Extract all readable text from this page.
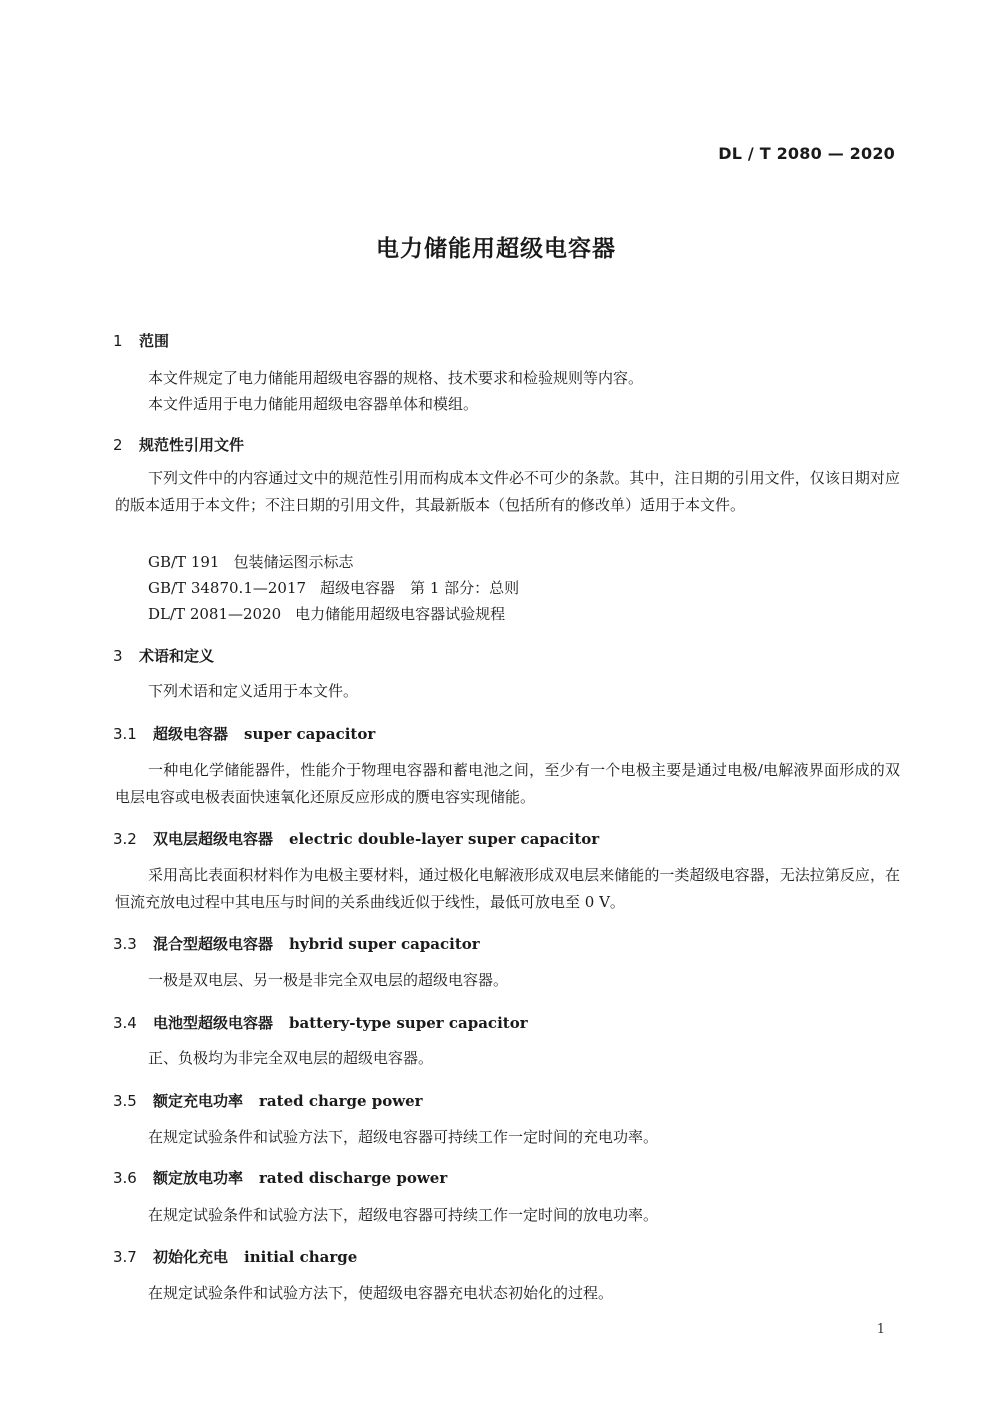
DL / T 2080 — 2020
电力储能用超级电容器
1 范围
本文件规定了电力储能用超级电容器的规格、技术要求和检验规则等内容。
本文件适用于电力储能用超级电容器单体和模组。
2 规范性引用文件
下列文件中的内容通过文中的规范性引用而构成本文件必不可少的条款。其中，注日期的引用文件，仅该日期对应的版本适用于本文件；不注日期的引用文件，其最新版本（包括所有的修改单）适用于本文件。
GB/T 191 包装储运图示标志
GB/T 34870.1—2017 超级电容器　第 1 部分：总则
DL/T 2081—2020 电力储能用超级电容器试验规程
3 术语和定义
下列术语和定义适用于本文件。
3.1 超级电容器 super capacitor
一种电化学储能器件，性能介于物理电容器和蓄电池之间，至少有一个电极主要是通过电极/电解液界面形成的双电层电容或电极表面快速氧化还原反应形成的赝电容实现储能。
3.2 双电层超级电容器 electric double-layer super capacitor
采用高比表面积材料作为电极主要材料，通过极化电解液形成双电层来储能的一类超级电容器，无法拉第反应，在恒流充放电过程中其电压与时间的关系曲线近似于线性，最低可放电至 0 V。
3.3 混合型超级电容器 hybrid super capacitor
一极是双电层、另一极是非完全双电层的超级电容器。
3.4 电池型超级电容器 battery-type super capacitor
正、负极均为非完全双电层的超级电容器。
3.5 额定充电功率 rated charge power
在规定试验条件和试验方法下，超级电容器可持续工作一定时间的充电功率。
3.6 额定放电功率 rated discharge power
在规定试验条件和试验方法下，超级电容器可持续工作一定时间的放电功率。
3.7 初始化充电 initial charge
在规定试验条件和试验方法下，使超级电容器充电状态初始化的过程。
1
